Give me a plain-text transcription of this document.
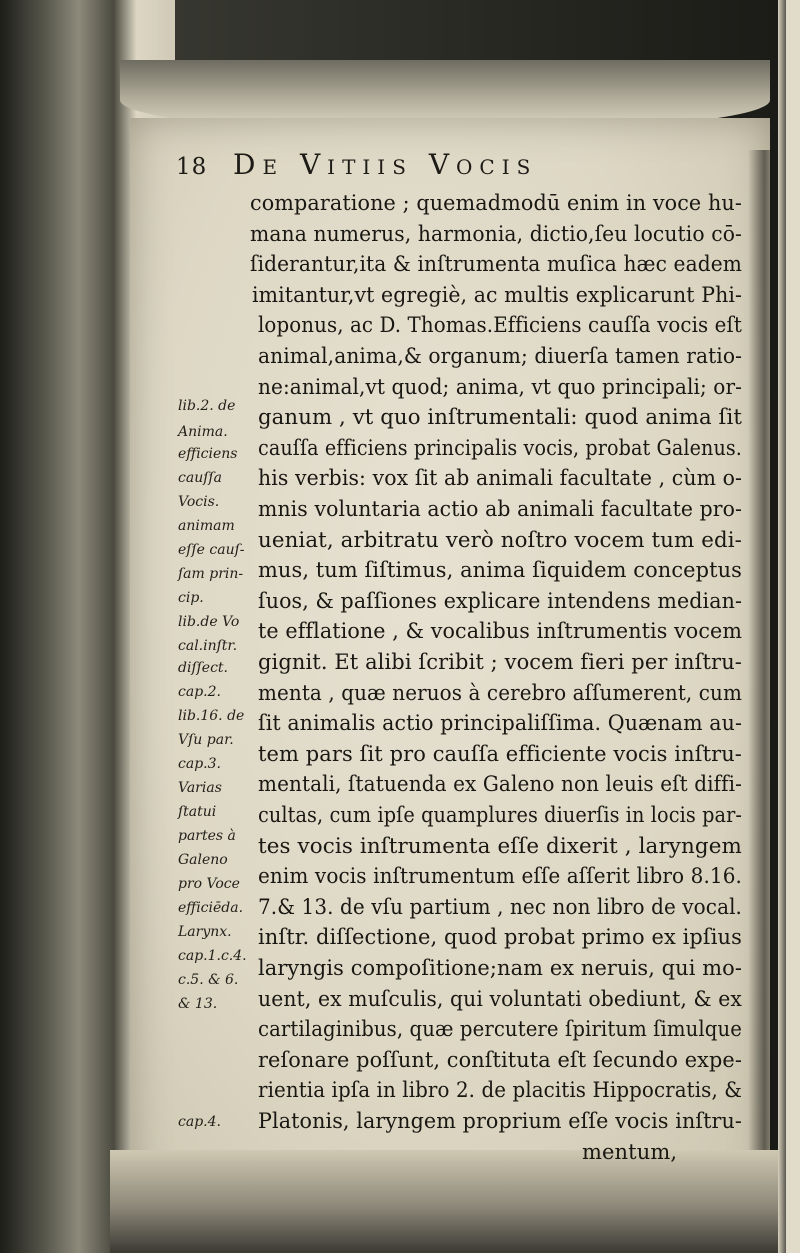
18 De Vitiis Vocis
comparatione ; quemadmodū enim in voce hu-
mana numerus, harmonia, dictio,ſeu locutio cō-
ſiderantur,ita & inſtrumenta muſica hæc eadem
imitantur,vt egregiè, ac multis explicarunt Phi-
loponus, ac D. Thomas.Efficiens cauſſa vocis eſt
animal,anima,& organum; diuerſa tamen ratio-
ne:animal,vt quod; anima, vt quo principali; or-
ganum , vt quo inſtrumentali: quod anima ſit
cauſſa efficiens principalis vocis, probat Galenus.
his verbis: vox ſit ab animali facultate , cùm o-
mnis voluntaria actio ab animali facultate pro-
ueniat, arbitratu verò noſtro vocem tum edi-
mus, tum ſiſtimus, anima ſiquidem conceptus
ſuos, & paſſiones explicare intendens median-
te efflatione , & vocalibus inſtrumentis vocem
gignit. Et alibi ſcribit ; vocem fieri per inſtru-
menta , quæ neruos à cerebro aſſumerent, cum
ſit animalis actio principaliſſima. Quænam au-
tem pars ſit pro cauſſa efficiente vocis inſtru-
mentali, ſtatuenda ex Galeno non leuis eſt diffi-
cultas, cum ipſe quamplures diuerſis in locis par-
tes vocis inſtrumenta eſſe dixerit , laryngem
enim vocis inſtrumentum eſſe aſſerit libro 8.16.
7.& 13. de vſu partium , nec non libro de vocal.
inſtr. diſſectione, quod probat primo ex ipſius
laryngis compoſitione;nam ex neruis, qui mo-
uent, ex muſculis, qui voluntati obediunt, & ex
cartilaginibus, quæ percutere ſpiritum ſimulque
reſonare poſſunt, conſtituta eſt ſecundo expe-
rientia ipſa in libro 2. de placitis Hippocratis, &
Platonis, laryngem proprium eſſe vocis inſtru-
mentum,
lib.2. de
Anima.
efficiens
cauſſa
Vocis.
animam
eſſe cauſ-
ſam prin-
cip.
lib.de Vo
cal.inſtr.
diſſect.
cap.2.
lib.16. de
Vſu par.
cap.3.
Varias
ſtatui
partes à
Galeno
pro Voce
efficiēda.
Larynx.
cap.1.c.4.
c.5. & 6.
& 13.
cap.4.
